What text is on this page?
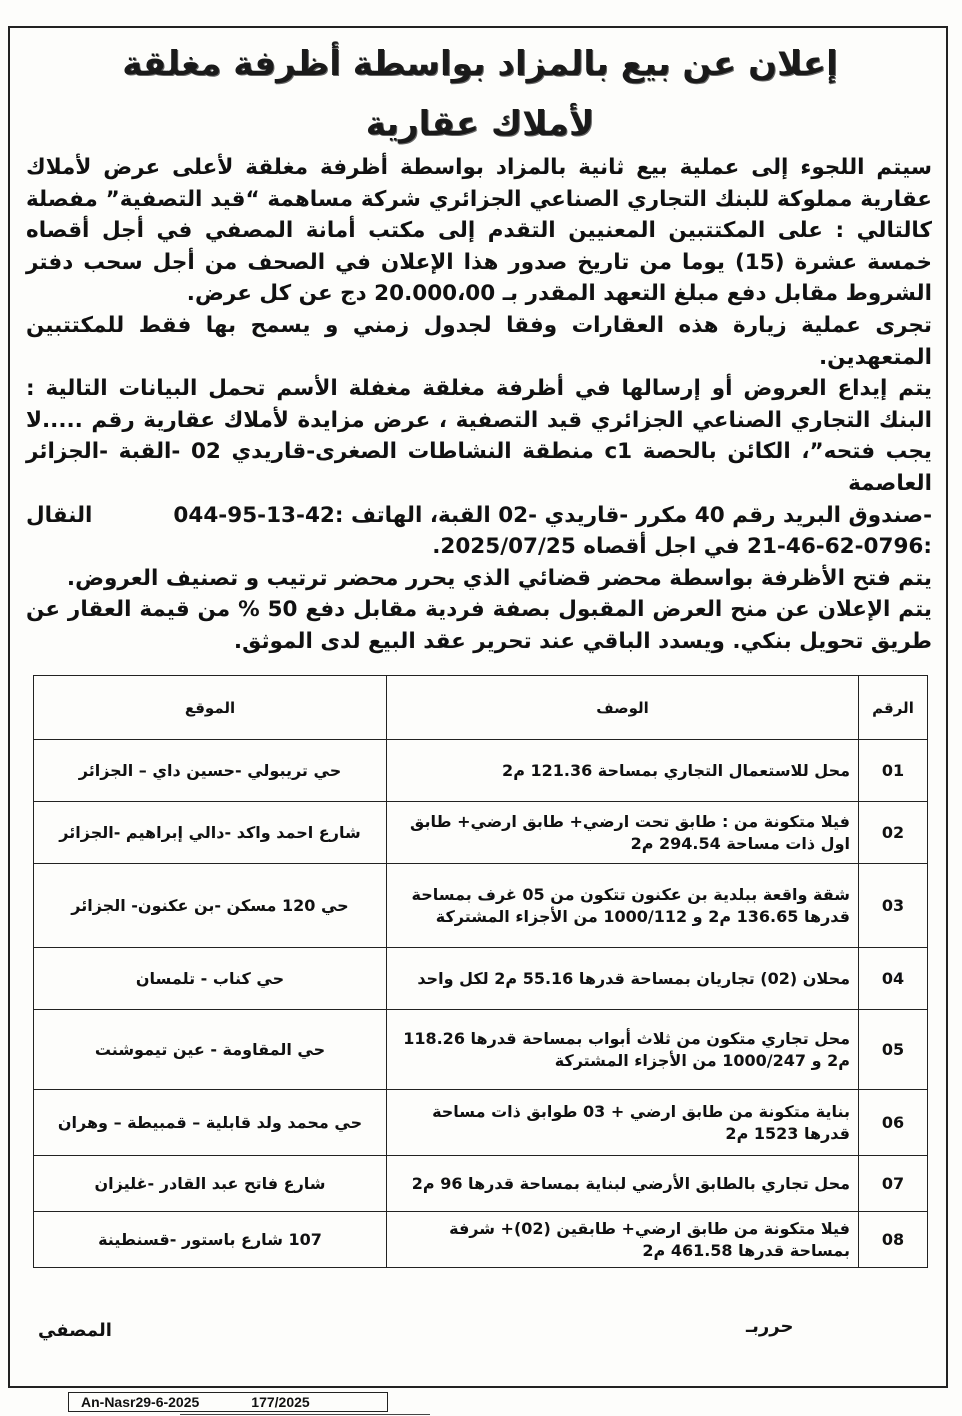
إعلان عن بيع بالمزاد بواسطة أظرفة مغلقة
لأملاك عقارية

سيتم اللجوء إلى عملية بيع ثانية بالمزاد بواسطة أظرفة مغلقة لأعلى عرض لأملاك عقارية مملوكة للبنك التجاري الصناعي الجزائري شركة مساهمة “قيد التصفية” مفصلة كالتالي : على المكتتبين المعنيين التقدم إلى مكتب أمانة المصفي في أجل أقصاه خمسة عشرة (15) يوما من تاريخ صدور هذا الإعلان في الصحف من أجل سحب دفتر الشروط مقابل دفع مبلغ التعهد المقدر بـ 20.000،00 دج عن كل عرض.

تجرى عملية زيارة هذه العقارات وفقا لجدول زمني و يسمح بها فقط للمكتتبين المتعهدين.

يتم إيداع العروض أو إرسالها في أظرفة مغلقة مغفلة الأسم تحمل البيانات التالية : البنك التجاري الصناعي الجزائري قيد التصفية ، عرض مزايدة لأملاك عقارية رقم .....لا يجب فتحه”، الكائن بالحصة c1 منطقة النشاطات الصغرى-قاريدي 02 -القبة -الجزائر العاصمة

-صندوق البريد رقم 40 مكرر -قاريدي -02 القبة، الهاتف :42-13-95-044
النقال

:21-46-62-0796 في اجل أقصاه 2025/07/25.

يتم فتح الأظرفة بواسطة محضر قضائي الذي يحرر محضر ترتيب و تصنيف العروض.

يتم الإعلان عن منح العرض المقبول بصفة فردية مقابل دفع 50 % من قيمة العقار عن طريق تحويل بنكي. ويسدد الباقي عند تحرير عقد البيع لدى الموثق.

الرقم	الوصف	الموقع
01	محل للاستعمال التجاري بمساحة 121.36 م2	حي تريبولي -حسين داي – الجزائر
02	فيلا متكونة من : طابق تحت ارضي+ طابق ارضي+ طابق اول ذات مساحة 294.54 م2	شارع احمد واكد -دالي إبراهيم -الجزائر
03	شقة واقعة ببلدية بن عكنون تتكون من 05 غرف بمساحة قدرها 136.65 م2 و 1000/112 من الأجزاء المشتركة	حي 120 مسكن -بن عكنون- الجزائر
04	محلان (02) تجاريان بمساحة قدرها 55.16 م2 لكل واحد	حي كناب - تلمسان
05	محل تجاري متكون من ثلاث أبواب بمساحة قدرها 118.26 م2 و 1000/247 من الأجزاء المشتركة	حي المقاومة - عين تيموشنت
06	بناية متكونة من طابق ارضي + 03 طوابق ذات مساحة قدرها 1523 م2	حي محمد ولد قابلية – قمبيطة – وهران
07	محل تجاري بالطابق الأرضي لبناية بمساحة قدرها 96 م2	شارع فاتح عبد القادر -غليزان
08	فيلا متكونة من طابق ارضي+ طابقين (02)+ شرفة بمساحة قدرها 461.58 م2	107 شارع باستور -قسنطينة
المصفي	حرربـ
An-Nasr29-6-2025	177/2025
